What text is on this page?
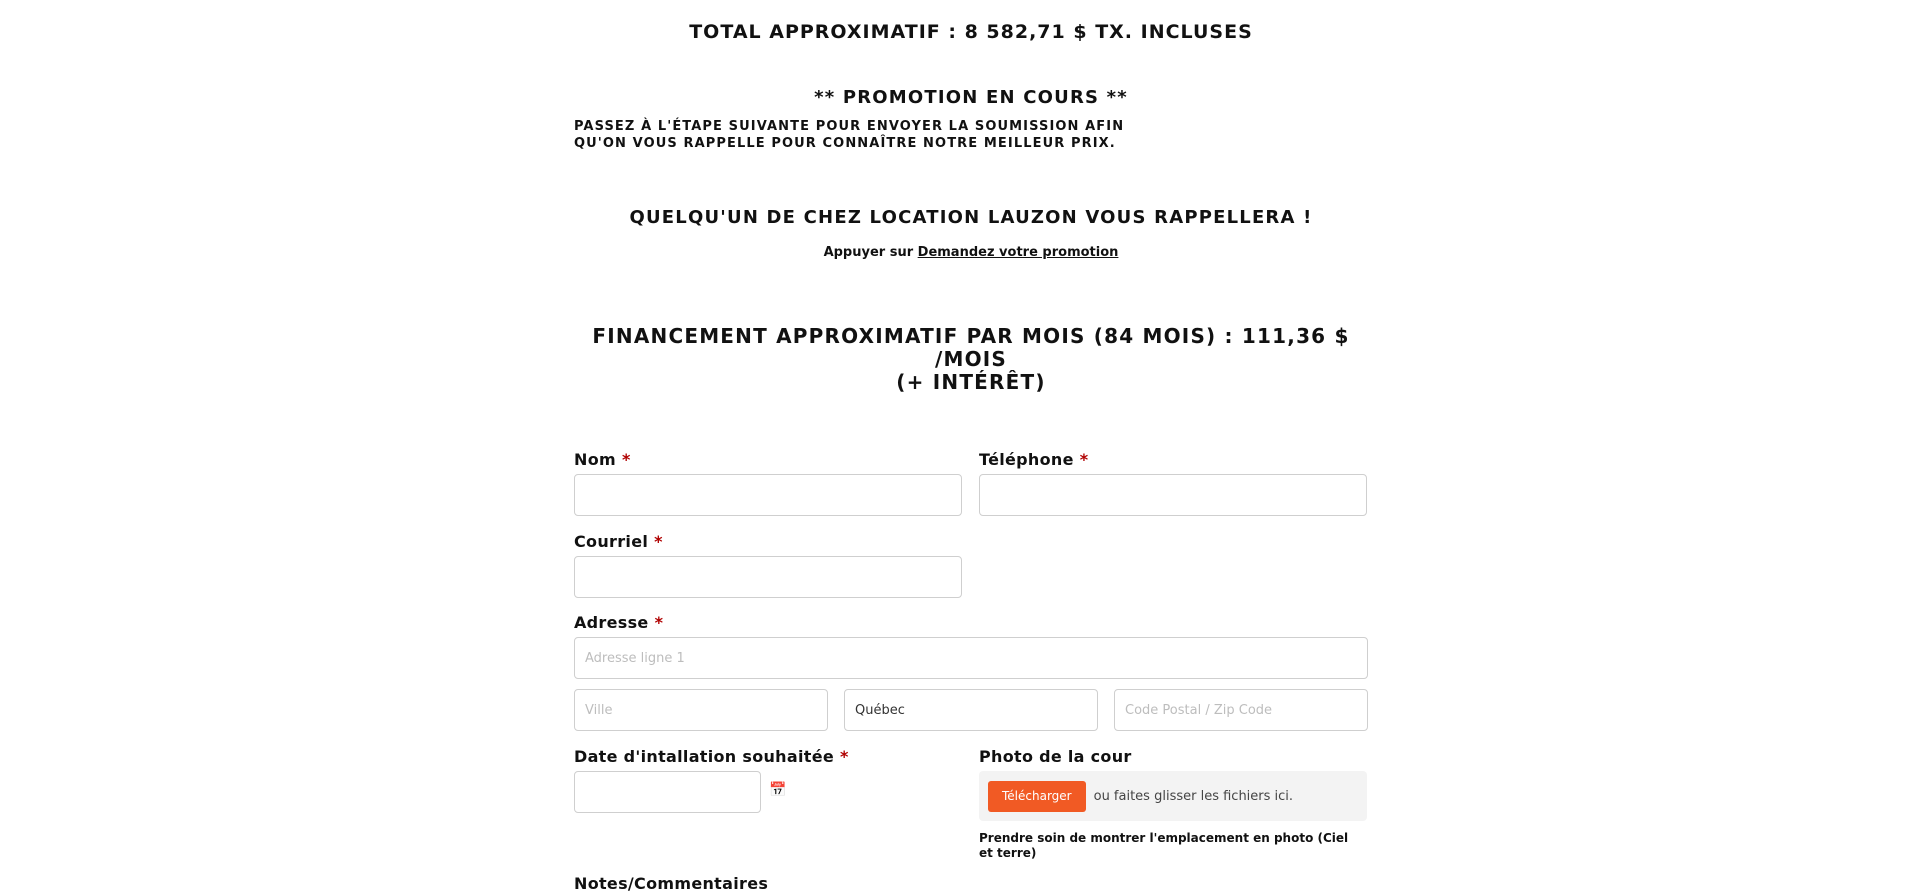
TOTAL APPROXIMATIF : 8 582,71 $ TX. INCLUSES

** PROMOTION EN COURS **

PASSEZ À L'ÉTAPE SUIVANTE POUR ENVOYER LA SOUMISSION AFIN
QU'ON VOUS RAPPELLE POUR CONNAÎTRE NOTRE MEILLEUR PRIX.

QUELQU'UN DE CHEZ LOCATION LAUZON VOUS RAPPELLERA !

Appuyer sur Demandez votre promotion

FINANCEMENT APPROXIMATIF PAR MOIS (84 MOIS) : 111,36 $ /MOIS
(+ INTÉRÊT)

Nom *	Téléphone *
Courriel *
Adresse *
Adresse ligne 1
Ville
Québec
Code Postal / Zip Code
Date d'intallation souhaitée *
📅
Photo de la cour
Télécharger	ou faites glisser les fichiers ici.
Prendre soin de montrer l'emplacement en photo (Ciel et terre)
Notes/Commentaires
